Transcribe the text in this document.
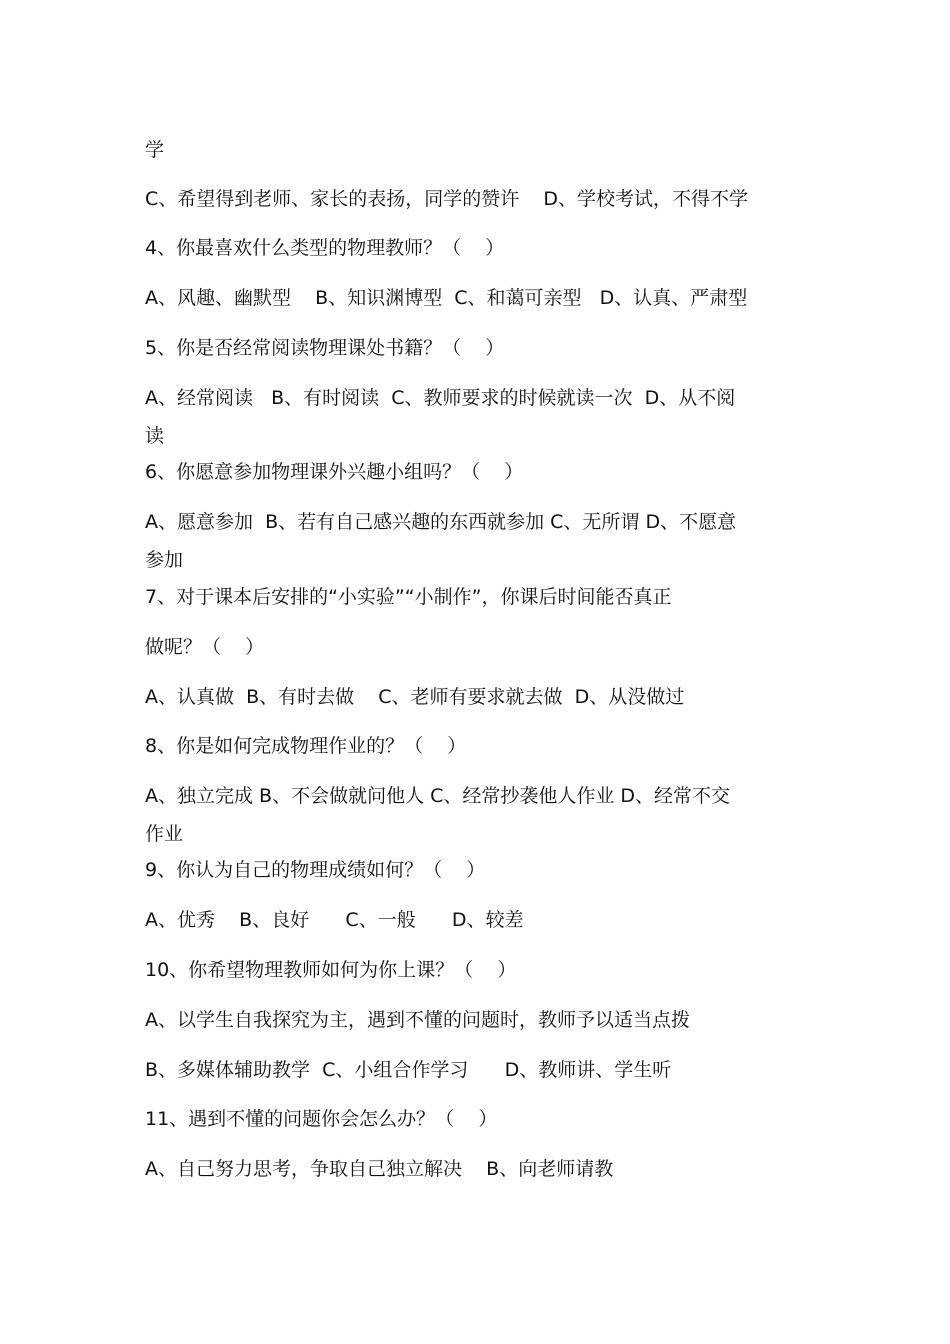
学

C、希望得到老师、家长的表扬，同学的赞许    D、学校考试，不得不学

4、你最喜欢什么类型的物理教师？（    ）

A、风趣、幽默型    B、知识渊博型  C、和蔼可亲型   D、认真、严肃型

5、你是否经常阅读物理课处书籍？（    ）

A、经常阅读   B、有时阅读  C、教师要求的时候就读一次  D、从不阅

读

6、你愿意参加物理课外兴趣小组吗？（    ）

A、愿意参加  B、若有自己感兴趣的东西就参加 C、无所谓 D、不愿意

参加

7、对于课本后安排的“小实验”“小制作”，你课后时间能否真正

做呢？（    ）

A、认真做  B、有时去做    C、老师有要求就去做  D、从没做过

8、你是如何完成物理作业的？（    ）

A、独立完成 B、不会做就问他人 C、经常抄袭他人作业 D、经常不交

作业

9、你认为自己的物理成绩如何？（    ）

A、优秀    B、良好      C、一般      D、较差

10、你希望物理教师如何为你上课？（    ）

A、以学生自我探究为主，遇到不懂的问题时，教师予以适当点拨

B、多媒体辅助教学  C、小组合作学习      D、教师讲、学生听

11、遇到不懂的问题你会怎么办？（    ）

A、自己努力思考，争取自己独立解决    B、向老师请教
